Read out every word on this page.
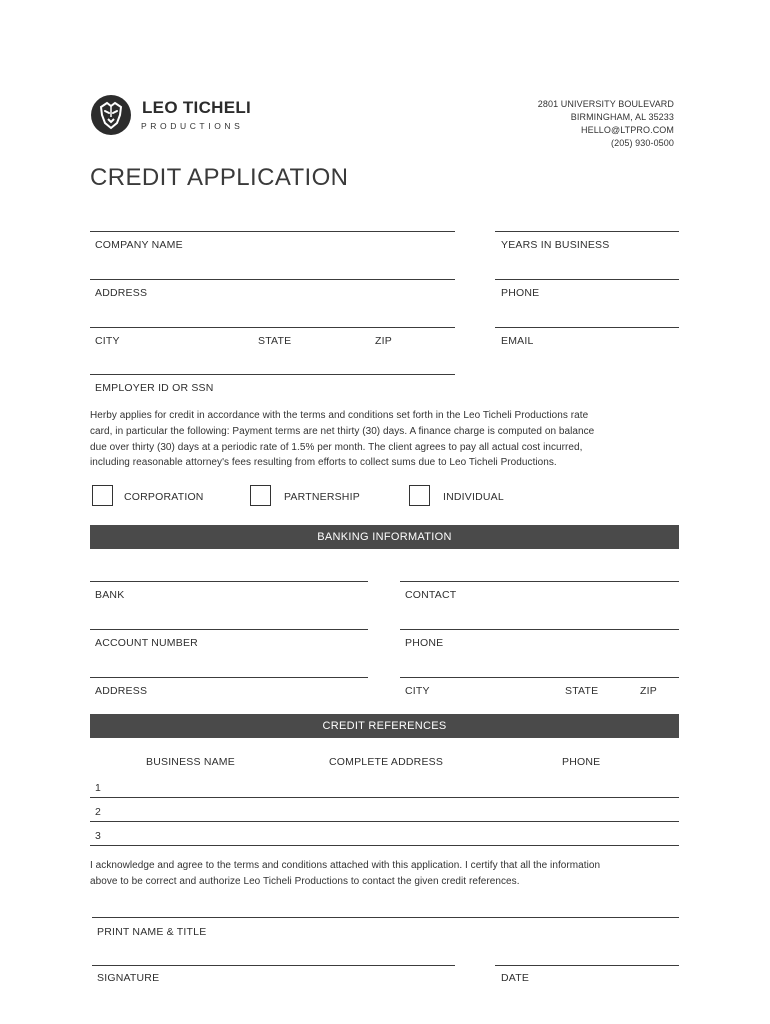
LEO TICHELI
PRODUCTIONS
2801 UNIVERSITY BOULEVARD
BIRMINGHAM, AL 35233
HELLO@LTPRO.COM
(205) 930-0500
CREDIT APPLICATION
COMPANY NAME	YEARS IN BUSINESS
ADDRESS	PHONE
CITY	STATE	ZIP	EMAIL
EMPLOYER ID OR SSN
Herby applies for credit in accordance with the terms and conditions set forth in the Leo Ticheli Productions rate
card, in particular the following: Payment terms are net thirty (30) days. A finance charge is computed on balance
due over thirty (30) days at a periodic rate of 1.5% per month. The client agrees to pay all actual cost incurred,
including reasonable attorney's fees resulting from efforts to collect sums due to Leo Ticheli Productions.
CORPORATION	PARTNERSHIP	INDIVIDUAL
BANKING INFORMATION
BANK	CONTACT
ACCOUNT NUMBER	PHONE
ADDRESS	CITY	STATE	ZIP
CREDIT REFERENCES
BUSINESS NAME	COMPLETE ADDRESS	PHONE
1
2
3
I acknowledge and agree to the terms and conditions attached with this application. I certify that all the information
above to be correct and authorize Leo Ticheli Productions to contact the given credit references.
PRINT NAME & TITLE
SIGNATURE	DATE
